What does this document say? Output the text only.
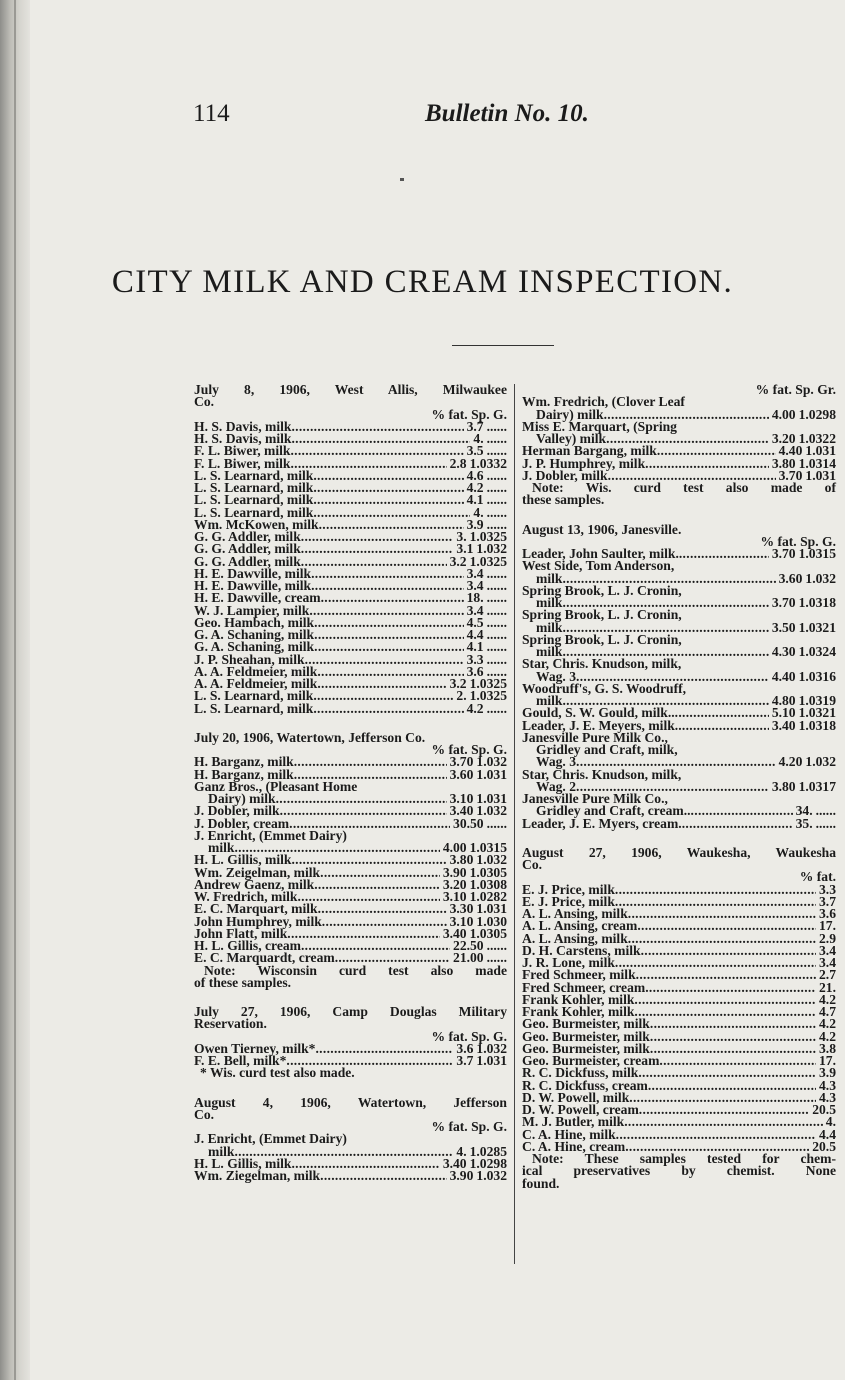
114	Bulletin No. 10.
CITY MILK AND CREAM INSPECTION.
July 8, 1906, West Allis, Milwaukee
Co.
% fat. Sp. G.
H. S. Davis, milk .....	3.7 ......
H. S. Davis, milk .....	4. ......
F. L. Biwer, milk .....	3.5 ......
F. L. Biwer, milk .....	2.8 1.0332
L. S. Learnard, milk .....	4.6 ......
L. S. Learnard, milk .....	4.2 ......
L. S. Learnard, milk .....	4.1 ......
L. S. Learnard, milk .....	4. ......
Wm. McKowen, milk .....	3.9 ......
G. G. Addler, milk .....	3. 1.0325
G. G. Addler, milk .....	3.1 1.032
G. G. Addler, milk .....	3.2 1.0325
H. E. Dawville, milk .....	3.4 ......
H. E. Dawville, milk .....	3.4 ......
H. E. Dawville, cream .....	18. ......
W. J. Lampier, milk .....	3.4 ......
Geo. Hambach, milk .....	4.5 ......
G. A. Schaning, milk .....	4.4 ......
G. A. Schaning, milk .....	4.1 ......
J. P. Sheahan, milk .....	3.3 ......
A. A. Feldmeier, milk .....	3.6 ......
A. A. Feldmeier, milk .....	3.2 1.0325
L. S. Learnard, milk .....	2. 1.0325
L. S. Learnard, milk .....	4.2 ......
July 20, 1906, Watertown, Jefferson Co.
% fat. Sp. G.
H. Barganz, milk .....	3.70 1.032
H. Barganz, milk .....	3.60 1.031
Ganz Bros., (Pleasant Home
Dairy) milk .....	3.10 1.031
J. Dobler, milk .....	3.40 1.032
J. Dobler, cream .....	30.50 ......
J. Enricht, (Emmet Dairy)
milk .....	4.00 1.0315
H. L. Gillis, milk .....	3.80 1.032
Wm. Zeigelman, milk .....	3.90 1.0305
Andrew Gaenz, milk .....	3.20 1.0308
W. Fredrich, milk .....	3.10 1.0282
E. C. Marquart, milk .....	3.30 1.031
John Humphrey, milk .....	3.10 1.030
John Flatt, milk .....	3.40 1.0305
H. L. Gillis, cream .....	22.50 ......
E. C. Marquardt, cream .....	21.00 ......
Note: Wisconsin curd test also made
of these samples.
July 27, 1906, Camp Douglas Military
Reservation.
% fat. Sp. G.
Owen Tierney, milk* .....	3.6 1.032
F. E. Bell, milk* .....	3.7 1.031
* Wis. curd test also made.
August 4, 1906, Watertown, Jefferson
Co.
% fat. Sp. G.
J. Enricht, (Emmet Dairy)
milk .....	4. 1.0285
H. L. Gillis, milk .....	3.40 1.0298
Wm. Ziegelman, milk .....	3.90 1.032
% fat. Sp. Gr.
Wm. Fredrich, (Clover Leaf
Dairy) milk .....	4.00 1.0298
Miss E. Marquart, (Spring
Valley) milk .....	3.20 1.0322
Herman Bargang, milk .....	4.40 1.031
J. P. Humphrey, milk .....	3.80 1.0314
J. Dobler, milk .....	3.70 1.031
Note: Wis. curd test also made of
these samples.
August 13, 1906, Janesville.
% fat. Sp. G.
Leader, John Saulter, milk. .....	3.70 1.0315
West Side, Tom Anderson,
milk .....	3.60 1.032
Spring Brook, L. J. Cronin,
milk .....	3.70 1.0318
Spring Brook, L. J. Cronin,
milk .....	3.50 1.0321
Spring Brook, L. J. Cronin,
milk .....	4.30 1.0324
Star, Chris. Knudson, milk,
Wag. 3 .....	4.40 1.0316
Woodruff's, G. S. Woodruff,
milk .....	4.80 1.0319
Gould, S. W. Gould, milk.. .....	5.10 1.0321
Leader, J. E. Meyers, milk. .....	3.40 1.0318
Janesville Pure Milk Co.,
Gridley and Craft, milk,
Wag. 3 .....	4.20 1.032
Star, Chris. Knudson, milk,
Wag. 2 .....	3.80 1.0317
Janesville Pure Milk Co.,
Gridley and Craft, cream.. .....	34. ......
Leader, J. E. Myers, cream. .....	35. ......
August 27, 1906, Waukesha, Waukesha
Co.
% fat.
E. J. Price, milk .....	3.3
E. J. Price, milk .....	3.7
A. L. Ansing, milk .....	3.6
A. L. Ansing, cream .....	17.
A. L. Ansing, milk .....	2.9
D. H. Carstens, milk .....	3.4
J. R. Lone, milk .....	3.4
Fred Schmeer, milk .....	2.7
Fred Schmeer, cream .....	21.
Frank Kohler, milk .....	4.2
Frank Kohler, milk .....	4.7
Geo. Burmeister, milk .....	4.2
Geo. Burmeister, milk .....	4.2
Geo. Burmeister, milk .....	3.8
Geo. Burmeister, cream .....	17.
R. C. Dickfuss, milk .....	3.9
R. C. Dickfuss, cream .....	4.3
D. W. Powell, milk .....	4.3
D. W. Powell, cream .....	20.5
M. J. Butler, milk .....	4.
C. A. Hine, milk .....	4.4
C. A. Hine, cream .....	20.5
Note: These samples tested for chem-
ical preservatives by chemist. None
found.
